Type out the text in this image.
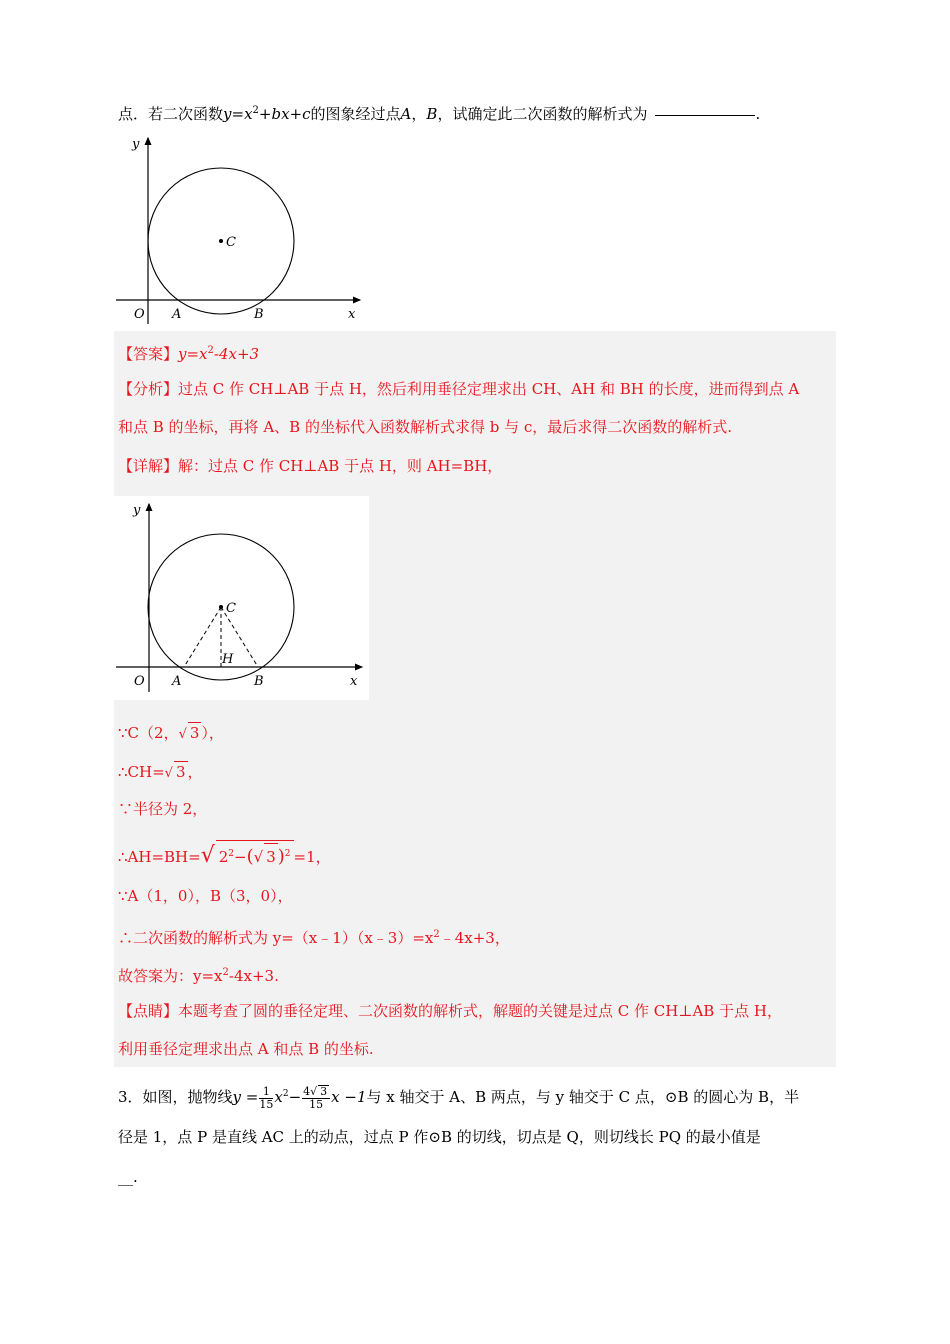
点．若二次函数$y=x^2+bx+c$的图象经过点A，B，试确定此二次函数的解析式为	.
C
y
x
O A	B
【答案】$y=x^2-4x+3$
【分析】过点 C 作 CH⊥AB 于点 H，然后利用垂径定理求出 CH、AH 和 BH 的长度，进而得到点 A
和点 B 的坐标，再将 A、B 的坐标代入函数解析式求得 b 与 c，最后求得二次函数的解析式.
【详解】解：过点 C 作 CH⊥AB 于点 H，则 AH=BH，
C
H
y
x
O A	B
∵C（2，√ 3 ），
∴CH=√ 3 ，
∵半径为 2，
∴AH=BH=√ $2^2-(√$ 3 )$^2$ =1，
∵A（1，0），B（3，0），
∴二次函数的解析式为 $y=(x﹣1)(x﹣3)=x^2﹣4x+3$，
故答案为：$y=x^2-4x+3$.
【点睛】本题考查了圆的垂径定理、二次函数的解析式，解题的关键是过点 C 作 CH⊥AB 于点 H，
利用垂径定理求出点 A 和点 B 的坐标.
3．如图，抛物线$y = \frac{1}{15} x^2- \frac{4√ 3}{15}$ x −1与 x 轴交于 A、B 两点，与 y 轴交于 C 点，⊙B 的圆心为 B，半
径是 1，点 P 是直线 AC 上的动点，过点 P 作⊙B 的切线，切点是 Q，则切线长 PQ 的最小值是
__.
